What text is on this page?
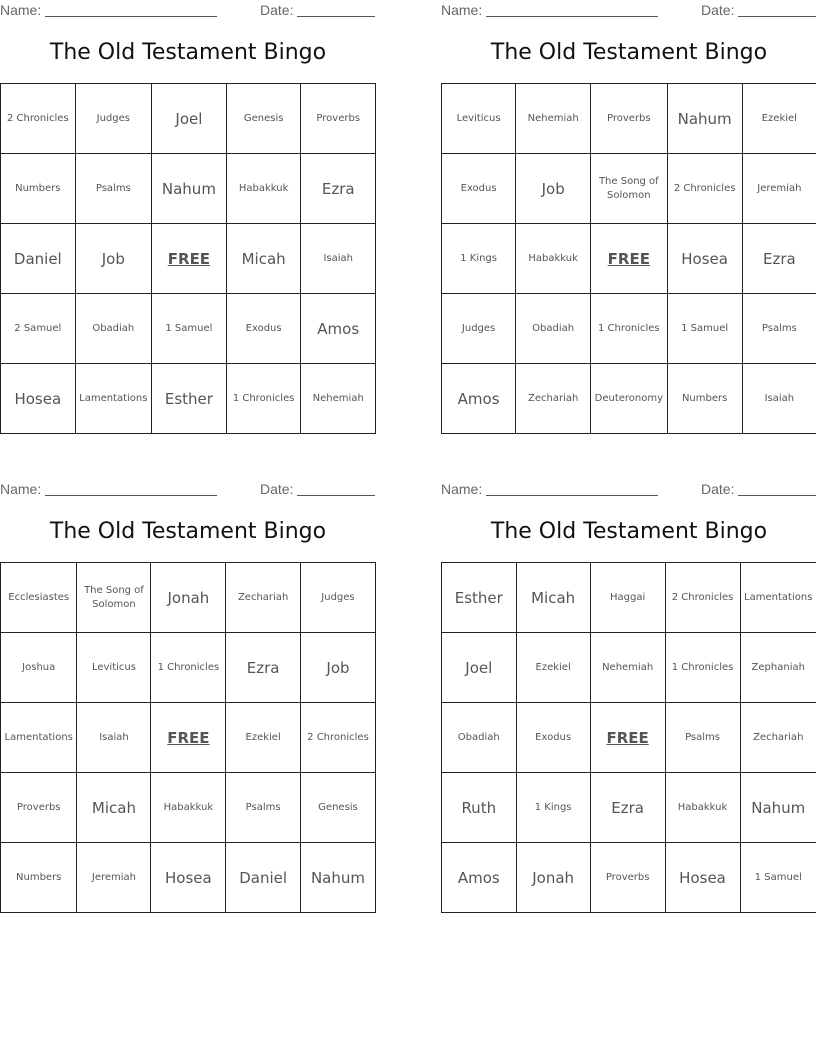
Name:	Date:
The Old Testament Bingo
2 Chronicles	Judges	Joel	Genesis	Proverbs
Numbers	Psalms	Nahum	Habakkuk	Ezra
Daniel	Job	FREE	Micah	Isaiah
2 Samuel	Obadiah	1 Samuel	Exodus	Amos
Hosea	Lamentations	Esther	1 Chronicles	Nehemiah
Name:	Date:
The Old Testament Bingo
Leviticus	Nehemiah	Proverbs	Nahum	Ezekiel
Exodus	Job	The Song of Solomon	2 Chronicles	Jeremiah
1 Kings	Habakkuk	FREE	Hosea	Ezra
Judges	Obadiah	1 Chronicles	1 Samuel	Psalms
Amos	Zechariah	Deuteronomy	Numbers	Isaiah
Name:	Date:
The Old Testament Bingo
Ecclesiastes	The Song of Solomon	Jonah	Zechariah	Judges
Joshua	Leviticus	1 Chronicles	Ezra	Job
Lamentations	Isaiah	FREE	Ezekiel	2 Chronicles
Proverbs	Micah	Habakkuk	Psalms	Genesis
Numbers	Jeremiah	Hosea	Daniel	Nahum
Name:	Date:
The Old Testament Bingo
Esther	Micah	Haggai	2 Chronicles	Lamentations
Joel	Ezekiel	Nehemiah	1 Chronicles	Zephaniah
Obadiah	Exodus	FREE	Psalms	Zechariah
Ruth	1 Kings	Ezra	Habakkuk	Nahum
Amos	Jonah	Proverbs	Hosea	1 Samuel
